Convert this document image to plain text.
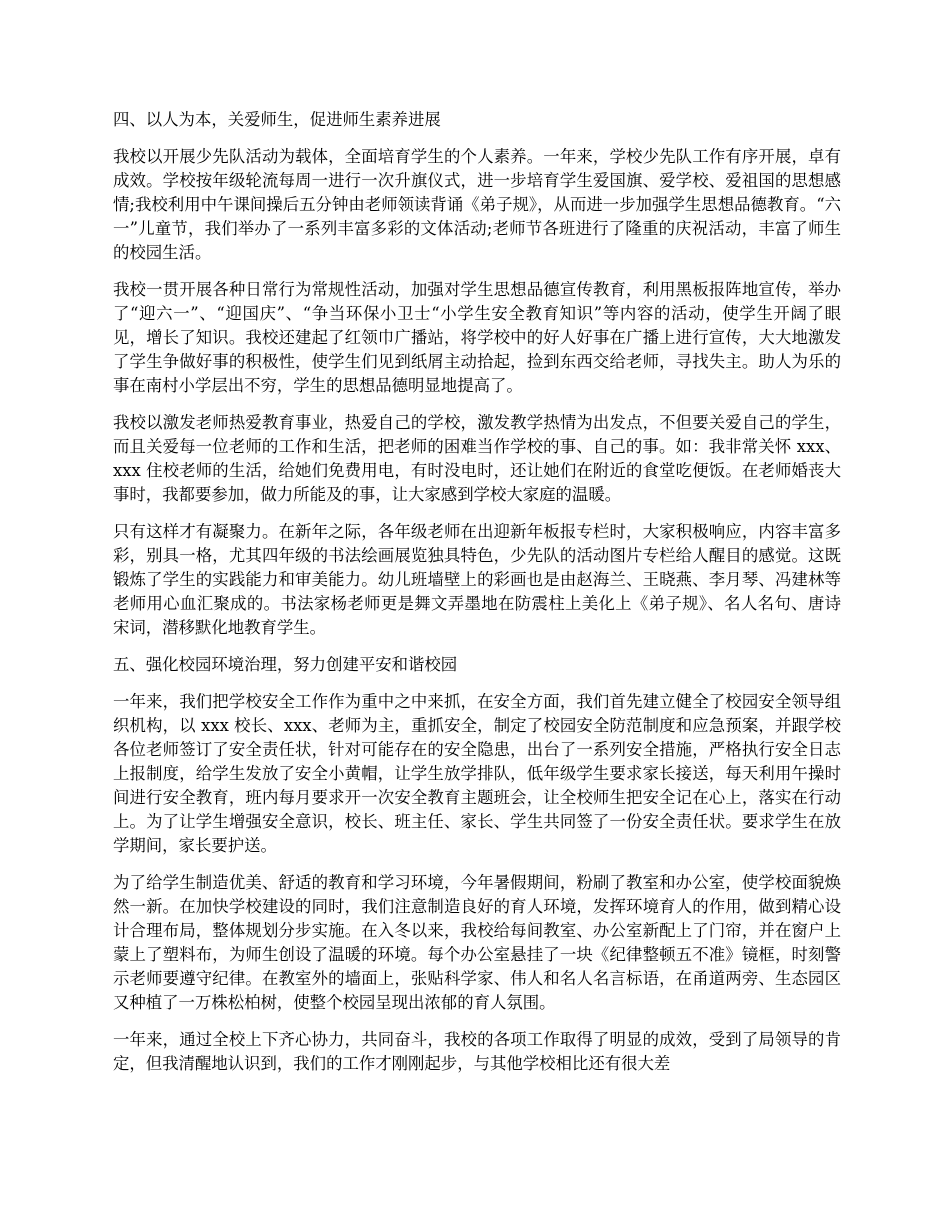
四、以人为本，关爱师生，促进师生素养进展

我校以开展少先队活动为载体，全面培育学生的个人素养。一年来，学校少先队工作有序开展，卓有成效。学校按年级轮流每周一进行一次升旗仪式，进一步培育学生爱国旗、爱学校、爱祖国的思想感情;我校利用中午课间操后五分钟由老师领读背诵《弟子规》，从而进一步加强学生思想品德教育。“六一”儿童节，我们举办了一系列丰富多彩的文体活动;老师节各班进行了隆重的庆祝活动，丰富了师生的校园生活。

我校一贯开展各种日常行为常规性活动，加强对学生思想品德宣传教育，利用黑板报阵地宣传，举办了“迎六一”、“迎国庆”、“争当环保小卫士“小学生安全教育知识”等内容的活动，使学生开阔了眼见，增长了知识。我校还建起了红领巾广播站，将学校中的好人好事在广播上进行宣传，大大地激发了学生争做好事的积极性，使学生们见到纸屑主动拾起，捡到东西交给老师，寻找失主。助人为乐的事在南村小学层出不穷，学生的思想品德明显地提高了。

我校以激发老师热爱教育事业，热爱自己的学校，激发教学热情为出发点，不但要关爱自己的学生，而且关爱每一位老师的工作和生活，把老师的困难当作学校的事、自己的事。如：我非常关怀 xxx、xxx 住校老师的生活，给她们免费用电，有时没电时，还让她们在附近的食堂吃便饭。在老师婚丧大事时，我都要参加，做力所能及的事，让大家感到学校大家庭的温暖。

只有这样才有凝聚力。在新年之际，各年级老师在出迎新年板报专栏时，大家积极响应，内容丰富多彩，别具一格，尤其四年级的书法绘画展览独具特色，少先队的活动图片专栏给人醒目的感觉。这既锻炼了学生的实践能力和审美能力。幼儿班墙壁上的彩画也是由赵海兰、王晓燕、李月琴、冯建林等老师用心血汇聚成的。书法家杨老师更是舞文弄墨地在防震柱上美化上《弟子规》、名人名句、唐诗宋词，潜移默化地教育学生。

五、强化校园环境治理，努力创建平安和谐校园

一年来，我们把学校安全工作作为重中之中来抓，在安全方面，我们首先建立健全了校园安全领导组织机构，以 xxx 校长、xxx、老师为主，重抓安全，制定了校园安全防范制度和应急预案，并跟学校各位老师签订了安全责任状，针对可能存在的安全隐患，出台了一系列安全措施，严格执行安全日志上报制度，给学生发放了安全小黄帽，让学生放学排队，低年级学生要求家长接送，每天利用午操时间进行安全教育，班内每月要求开一次安全教育主题班会，让全校师生把安全记在心上，落实在行动上。为了让学生增强安全意识，校长、班主任、家长、学生共同签了一份安全责任状。要求学生在放学期间，家长要护送。

为了给学生制造优美、舒适的教育和学习环境，今年暑假期间，粉刷了教室和办公室，使学校面貌焕然一新。在加快学校建设的同时，我们注意制造良好的育人环境，发挥环境育人的作用，做到精心设计合理布局，整体规划分步实施。在入冬以来，我校给每间教室、办公室新配上了门帘，并在窗户上蒙上了塑料布，为师生创设了温暖的环境。每个办公室悬挂了一块《纪律整顿五不准》镜框，时刻警示老师要遵守纪律。在教室外的墙面上，张贴科学家、伟人和名人名言标语，在甬道两旁、生态园区又种植了一万株松柏树，使整个校园呈现出浓郁的育人氛围。

一年来，通过全校上下齐心协力，共同奋斗，我校的各项工作取得了明显的成效，受到了局领导的肯定，但我清醒地认识到，我们的工作才刚刚起步，与其他学校相比还有很大差
